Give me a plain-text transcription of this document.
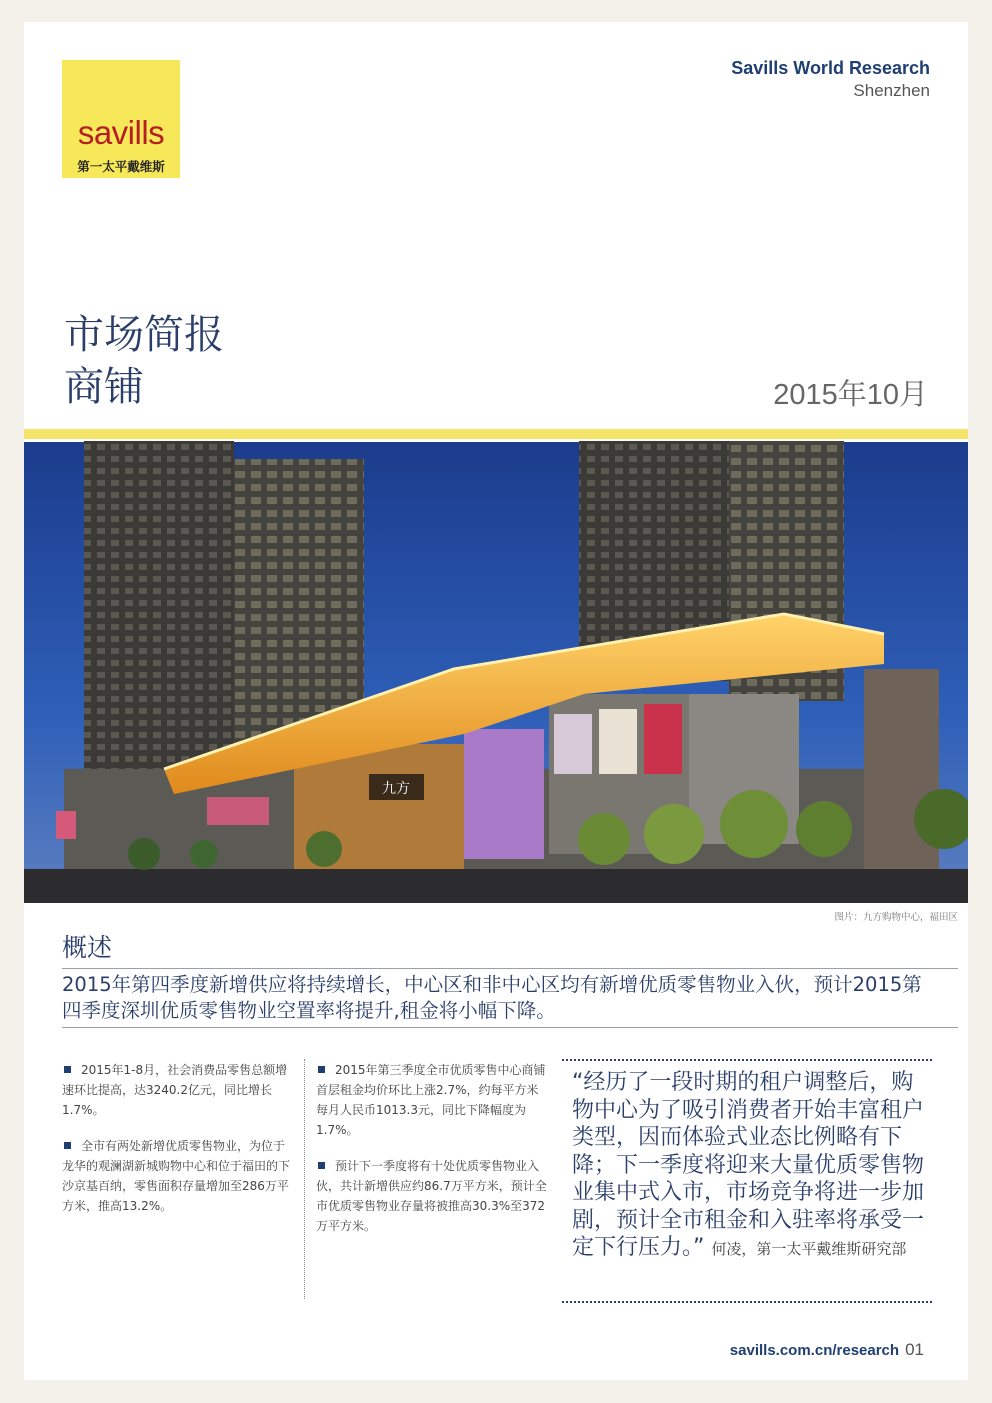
savills
第一太平戴维斯
Savills World Research
Shenzhen
市场简报
商铺	2015年10月
九方
图片：九方购物中心，福田区
概述
2015年第四季度新增供应将持续增长，中心区和非中心区均有新增优质零售物业入伙，预计2015第四季度深圳优质零售物业空置率将提升,租金将小幅下降。
2015年1-8月，社会消费品零售总额增速环比提高，达3240.2亿元，同比增长1.7%。
全市有两处新增优质零售物业，为位于龙华的观澜湖新城购物中心和位于福田的下沙京基百纳，零售面积存量增加至286万平方米，推高13.2%。
2015年第三季度全市优质零售中心商铺首层租金均价环比上涨2.7%，约每平方米每月人民币1013.3元，同比下降幅度为1.7%。
预计下一季度将有十处优质零售物业入伙，共计新增供应约86.7万平方米，预计全市优质零售物业存量将被推高30.3%至372万平方米。
“经历了一段时期的租户调整后，购物中心为了吸引消费者开始丰富租户类型，因而体验式业态比例略有下降；下一季度将迎来大量优质零售物业集中式入市，市场竞争将进一步加剧，预计全市租金和入驻率将承受一定下行压力。” 何凌，第一太平戴维斯研究部
savills.com.cn/research 01
